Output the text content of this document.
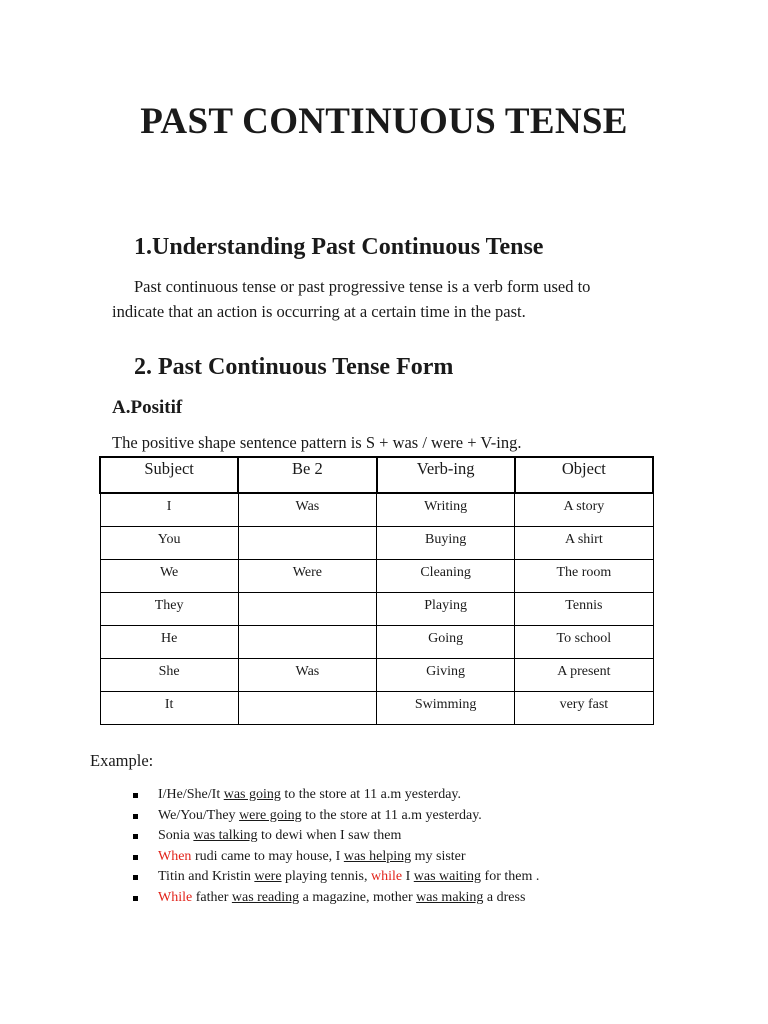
PAST CONTINUOUS TENSE
1.Understanding Past Continuous Tense
Past continuous tense or past progressive tense is a verb form used to
indicate that an action is occurring at a certain time in the past.
2. Past Continuous Tense Form
A.Positif

The positive shape sentence pattern is S + was / were + V-ing.

Subject	Be 2	Verb-ing	Object
I	Was	Writing	A story
You		Buying	A shirt
We	Were	Cleaning	The room
They		Playing	Tennis
He		Going	To school
She	Was	Giving	A present
It		Swimming	very fast

Example:

I/He/She/It was going to the store at 11 a.m yesterday.
We/You/They were going to the store at 11 a.m yesterday.
Sonia was talking to dewi when I saw them
When rudi came to may house, I was helping my sister
Titin and Kristin were playing tennis, while I was waiting for them .
While father was reading a magazine, mother was making a dress
